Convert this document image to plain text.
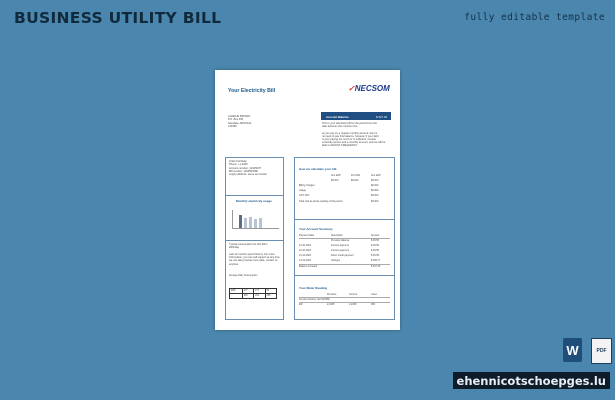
BUSINESS UTILITY BILL	fully editable template
Your Electricity Bill	✓NECSOM
CHARLIE BROWN
P.O. Box 456,
Glendale, ARIZONA,
123456
Account Balance	$ 527.35
This is your electricity bill for the period from the
date between the mention time.

as you pay by a regular monthly amount, then is
no need to pay this balance, however if your debt
is over paying too much or in sufficient, contact
a friendly person and a monthly amount, and we will be
able to ADJUST FREQUENCY.
Order Full Date
Phone: +1-2345
Account number: 12345678
Bill number: 1234567890
supply address: same as contact
Monthly electricity usage
Typical consumption for this bill is
kWh/day

Last 12 months speed history. For more
information, you can call support at any time
we can also provide more data, contact us
anytime.
Average Daily Consumption
kWh	177	177	53
	234	214	235
How we calculate your bill
Amt kWh	Per kWh	Amt kWh
$0.000	$0.000	$0.000
Billing charges	$0.000
Usage	$0.000
GST 10%	$0.000
Total cost as at last reading of this period	$0.000
Your Account Summary
Payment Date	Description	Amount
Previous balance	$ 45.55
12.10.2023	Internet payment	$ 45.55
12.10.2023	Internet payment	$ 45.55
13.12.2023	Direct credit payment	$ 45.55
13.12.2023	Charges	$ 369.77
Balance Forward	$ 527.35
Your Meter Reading
Previous	Current	Used
Service Number: ELT123456
kW	2,2345	2,2345	450
W	PDF
ehennicotschoepges.lu
